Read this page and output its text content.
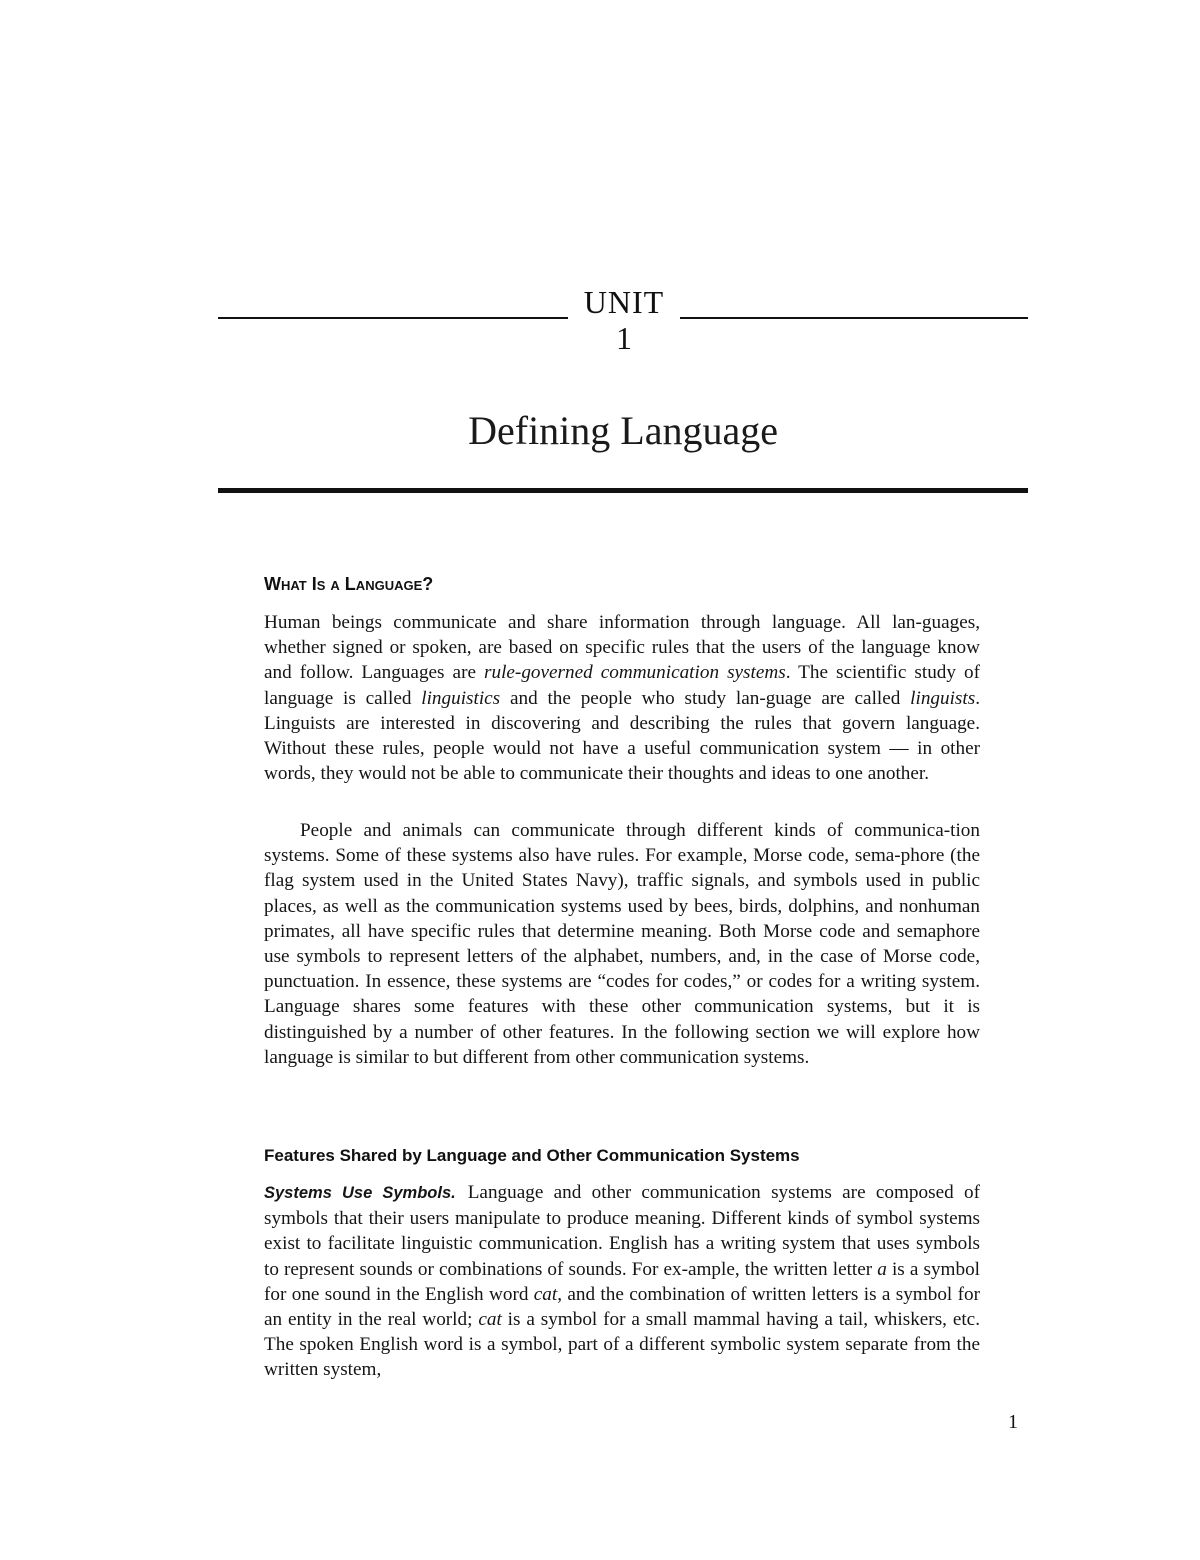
UNIT
1
Defining Language
What Is a Language?

Human beings communicate and share information through language. All lan-guages, whether signed or spoken, are based on specific rules that the users of the language know and follow. Languages are rule-governed communication systems. The scientific study of language is called linguistics and the people who study lan-guage are called linguists. Linguists are interested in discovering and describing the rules that govern language. Without these rules, people would not have a useful communication system — in other words, they would not be able to communicate their thoughts and ideas to one another.

People and animals can communicate through different kinds of communica-tion systems. Some of these systems also have rules. For example, Morse code, sema-phore (the flag system used in the United States Navy), traffic signals, and symbols used in public places, as well as the communication systems used by bees, birds, dolphins, and nonhuman primates, all have specific rules that determine meaning. Both Morse code and semaphore use symbols to represent letters of the alphabet, numbers, and, in the case of Morse code, punctuation. In essence, these systems are “codes for codes,” or codes for a writing system. Language shares some features with these other communication systems, but it is distinguished by a number of other features. In the following section we will explore how language is similar to but different from other communication systems.

Features Shared by Language and Other Communication Systems

Systems Use Symbols. Language and other communication systems are composed of symbols that their users manipulate to produce meaning. Different kinds of symbol systems exist to facilitate linguistic communication. English has a writing system that uses symbols to represent sounds or combinations of sounds. For ex-ample, the written letter a is a symbol for one sound in the English word cat, and the combination of written letters is a symbol for an entity in the real world; cat is a symbol for a small mammal having a tail, whiskers, etc. The spoken English word is a symbol, part of a different symbolic system separate from the written system,

1
